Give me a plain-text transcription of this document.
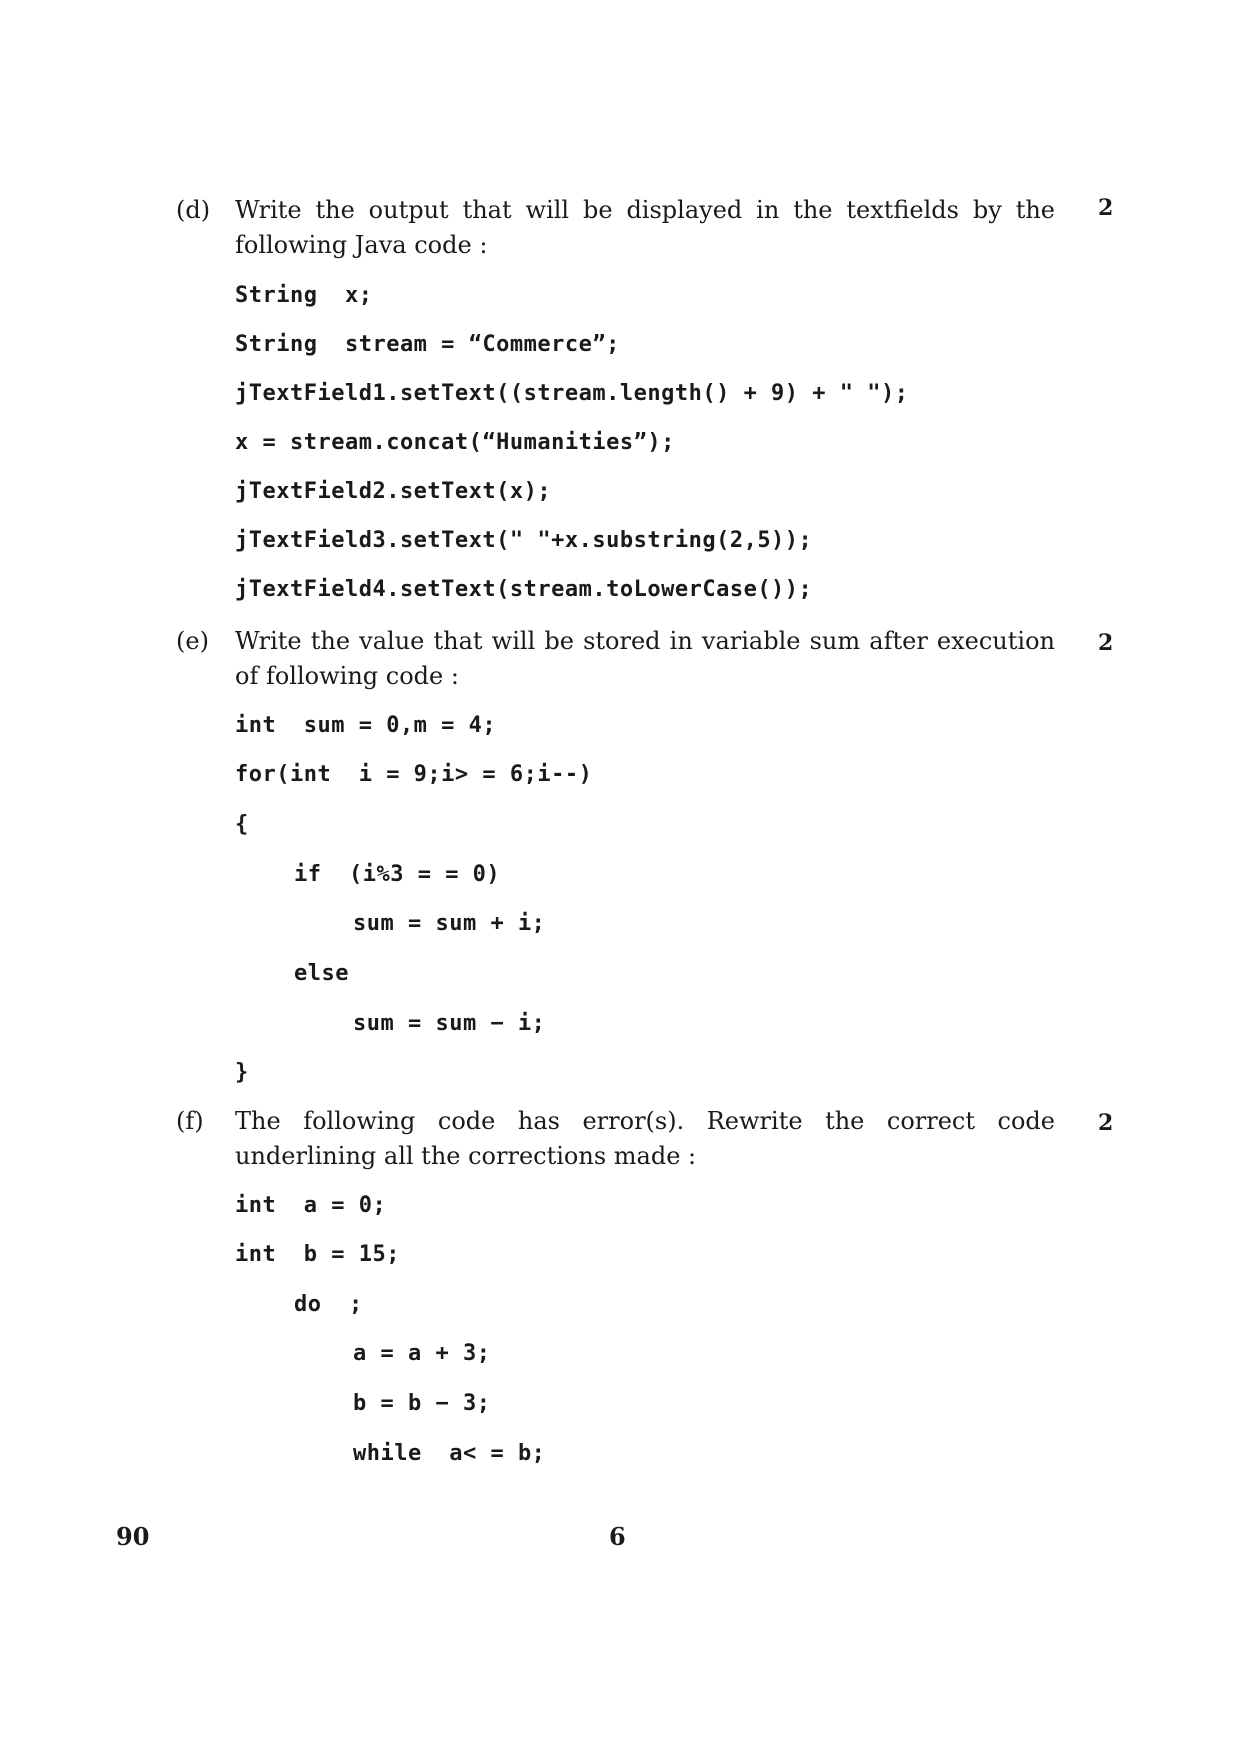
(d) Write the output that will be displayed in the textfields by the following Java code :
2
String  x;
String  stream = “Commerce”;
jTextField1.setText((stream.length() + 9) + " ");
x = stream.concat(“Humanities”);
jTextField2.setText(x);
jTextField3.setText(" "+x.substring(2,5));
jTextField4.setText(stream.toLowerCase());
(e) Write the value that will be stored in variable sum after execution of following code :
2
int  sum = 0,m = 4;
for(int  i = 9;i> = 6;i--)
{
if  (i%3 = = 0)
sum = sum + i;
else
sum = sum − i;
}
(f) The following code has error(s). Rewrite the correct code underlining all the corrections made :
2
int  a = 0;
int  b = 15;
do  ;
a = a + 3;
b = b − 3;
while  a< = b;
90	6
